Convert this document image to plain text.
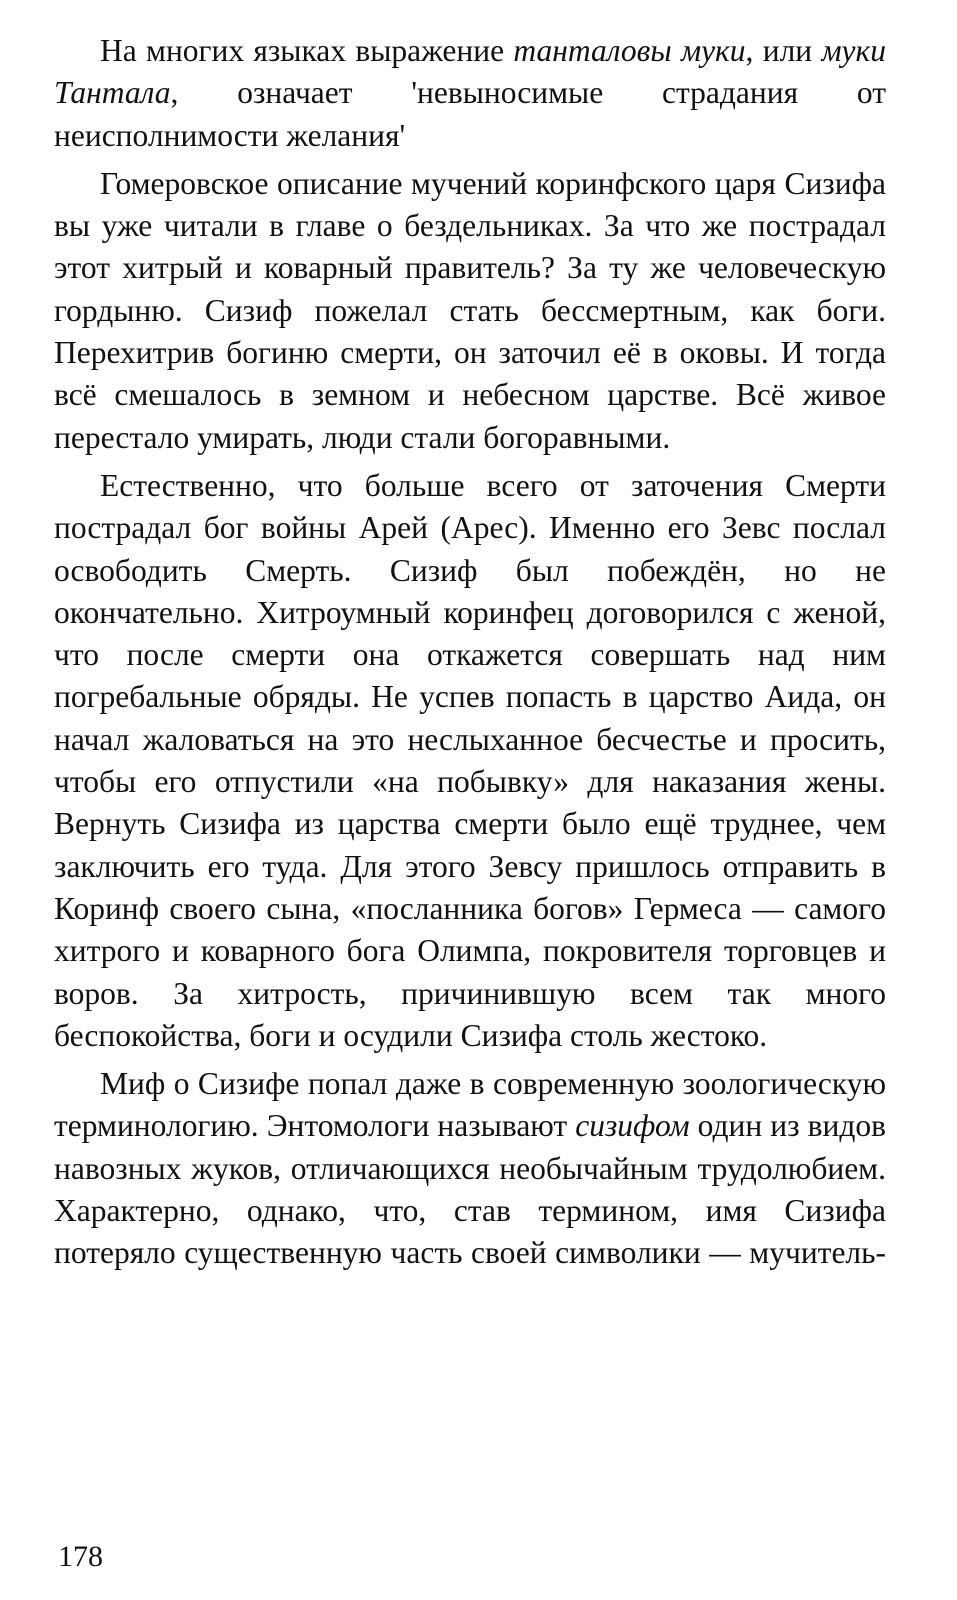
На многих языках выражение танталовы муки, или муки Тантала, означает 'невыносимые страдания от неисполнимости желания'

Гомеровское описание мучений коринфского царя Сизифа вы уже читали в главе о бездельниках. За что же пострадал этот хитрый и коварный правитель? За ту же человеческую гордыню. Сизиф пожелал стать бессмертным, как боги. Перехитрив богиню смерти, он заточил её в оковы. И тогда всё смешалось в земном и небесном царстве. Всё живое перестало умирать, люди стали богоравными.

Естественно, что больше всего от заточения Смерти пострадал бог войны Арей (Арес). Именно его Зевс послал освободить Смерть. Сизиф был побеждён, но не окончательно. Хитроумный коринфец договорился с женой, что после смерти она откажется совершать над ним погребальные обряды. Не успев попасть в царство Аида, он начал жаловаться на это неслыханное бесчестье и просить, чтобы его отпустили «на побывку» для наказания жены. Вернуть Сизифа из царства смерти было ещё труднее, чем заключить его туда. Для этого Зевсу пришлось отправить в Коринф своего сына, «посланника богов» Гермеса — самого хитрого и коварного бога Олимпа, покровителя торговцев и воров. За хитрость, причинившую всем так много беспокойства, боги и осудили Сизифа столь жестоко.

Миф о Сизифе попал даже в современную зоологическую терминологию. Энтомологи называют сизифом один из видов навозных жуков, отличающихся необычайным трудолюбием. Характерно, однако, что, став термином, имя Сизифа потеряло существенную часть своей символики — мучитель-

178
